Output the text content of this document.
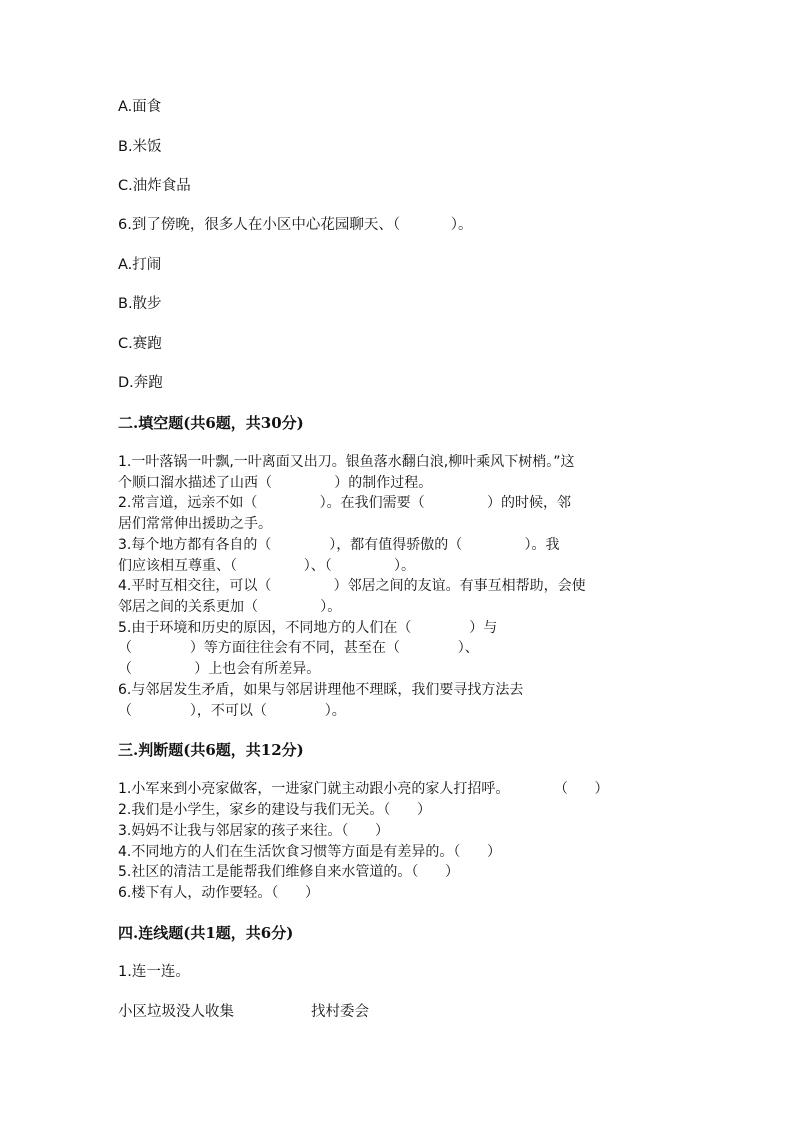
A.面食
B.米饭
C.油炸食品
6.到了傍晚，很多人在小区中心花园聊天、（           ）。
A.打闹
B.散步
C.赛跑
D.奔跑
二.填空题(共6题，共30分)
1.一叶落锅一叶飘,一叶离面又出刀。银鱼落水翻白浪,柳叶乘风下树梢。”这
个顺口溜水描述了山西（              ）的制作过程。
2.常言道，远亲不如（              ）。在我们需要（              ）的时候，邻
居们常常伸出援助之手。
3.每个地方都有各自的（             ），都有值得骄傲的（              ）。我
们应该相互尊重、（               ）、（              ）。
4.平时互相交往，可以（              ）邻居之间的友谊。有事互相帮助，会使
邻居之间的关系更加（              ）。
5.由于环境和历史的原因，不同地方的人们在（             ）与
（             ）等方面往往会有不同，甚至在（             ）、
（              ）上也会有所差异。
6.与邻居发生矛盾，如果与邻居讲理他不理睬，我们要寻找方法去
（             ），不可以（             ）。
三.判断题(共6题，共12分)
1.小军来到小亮家做客，一进家门就主动跟小亮的家人打招呼。          （      ）
2.我们是小学生，家乡的建设与我们无关。（      ）
3.妈妈不让我与邻居家的孩子来往。（      ）
4.不同地方的人们在生活饮食习惯等方面是有差异的。（      ）
5.社区的清洁工是能帮我们维修自来水管道的。（      ）
6.楼下有人，动作要轻。（      ）
四.连线题(共1题，共6分)
1.连一连。
小区垃圾没人收集	找村委会
